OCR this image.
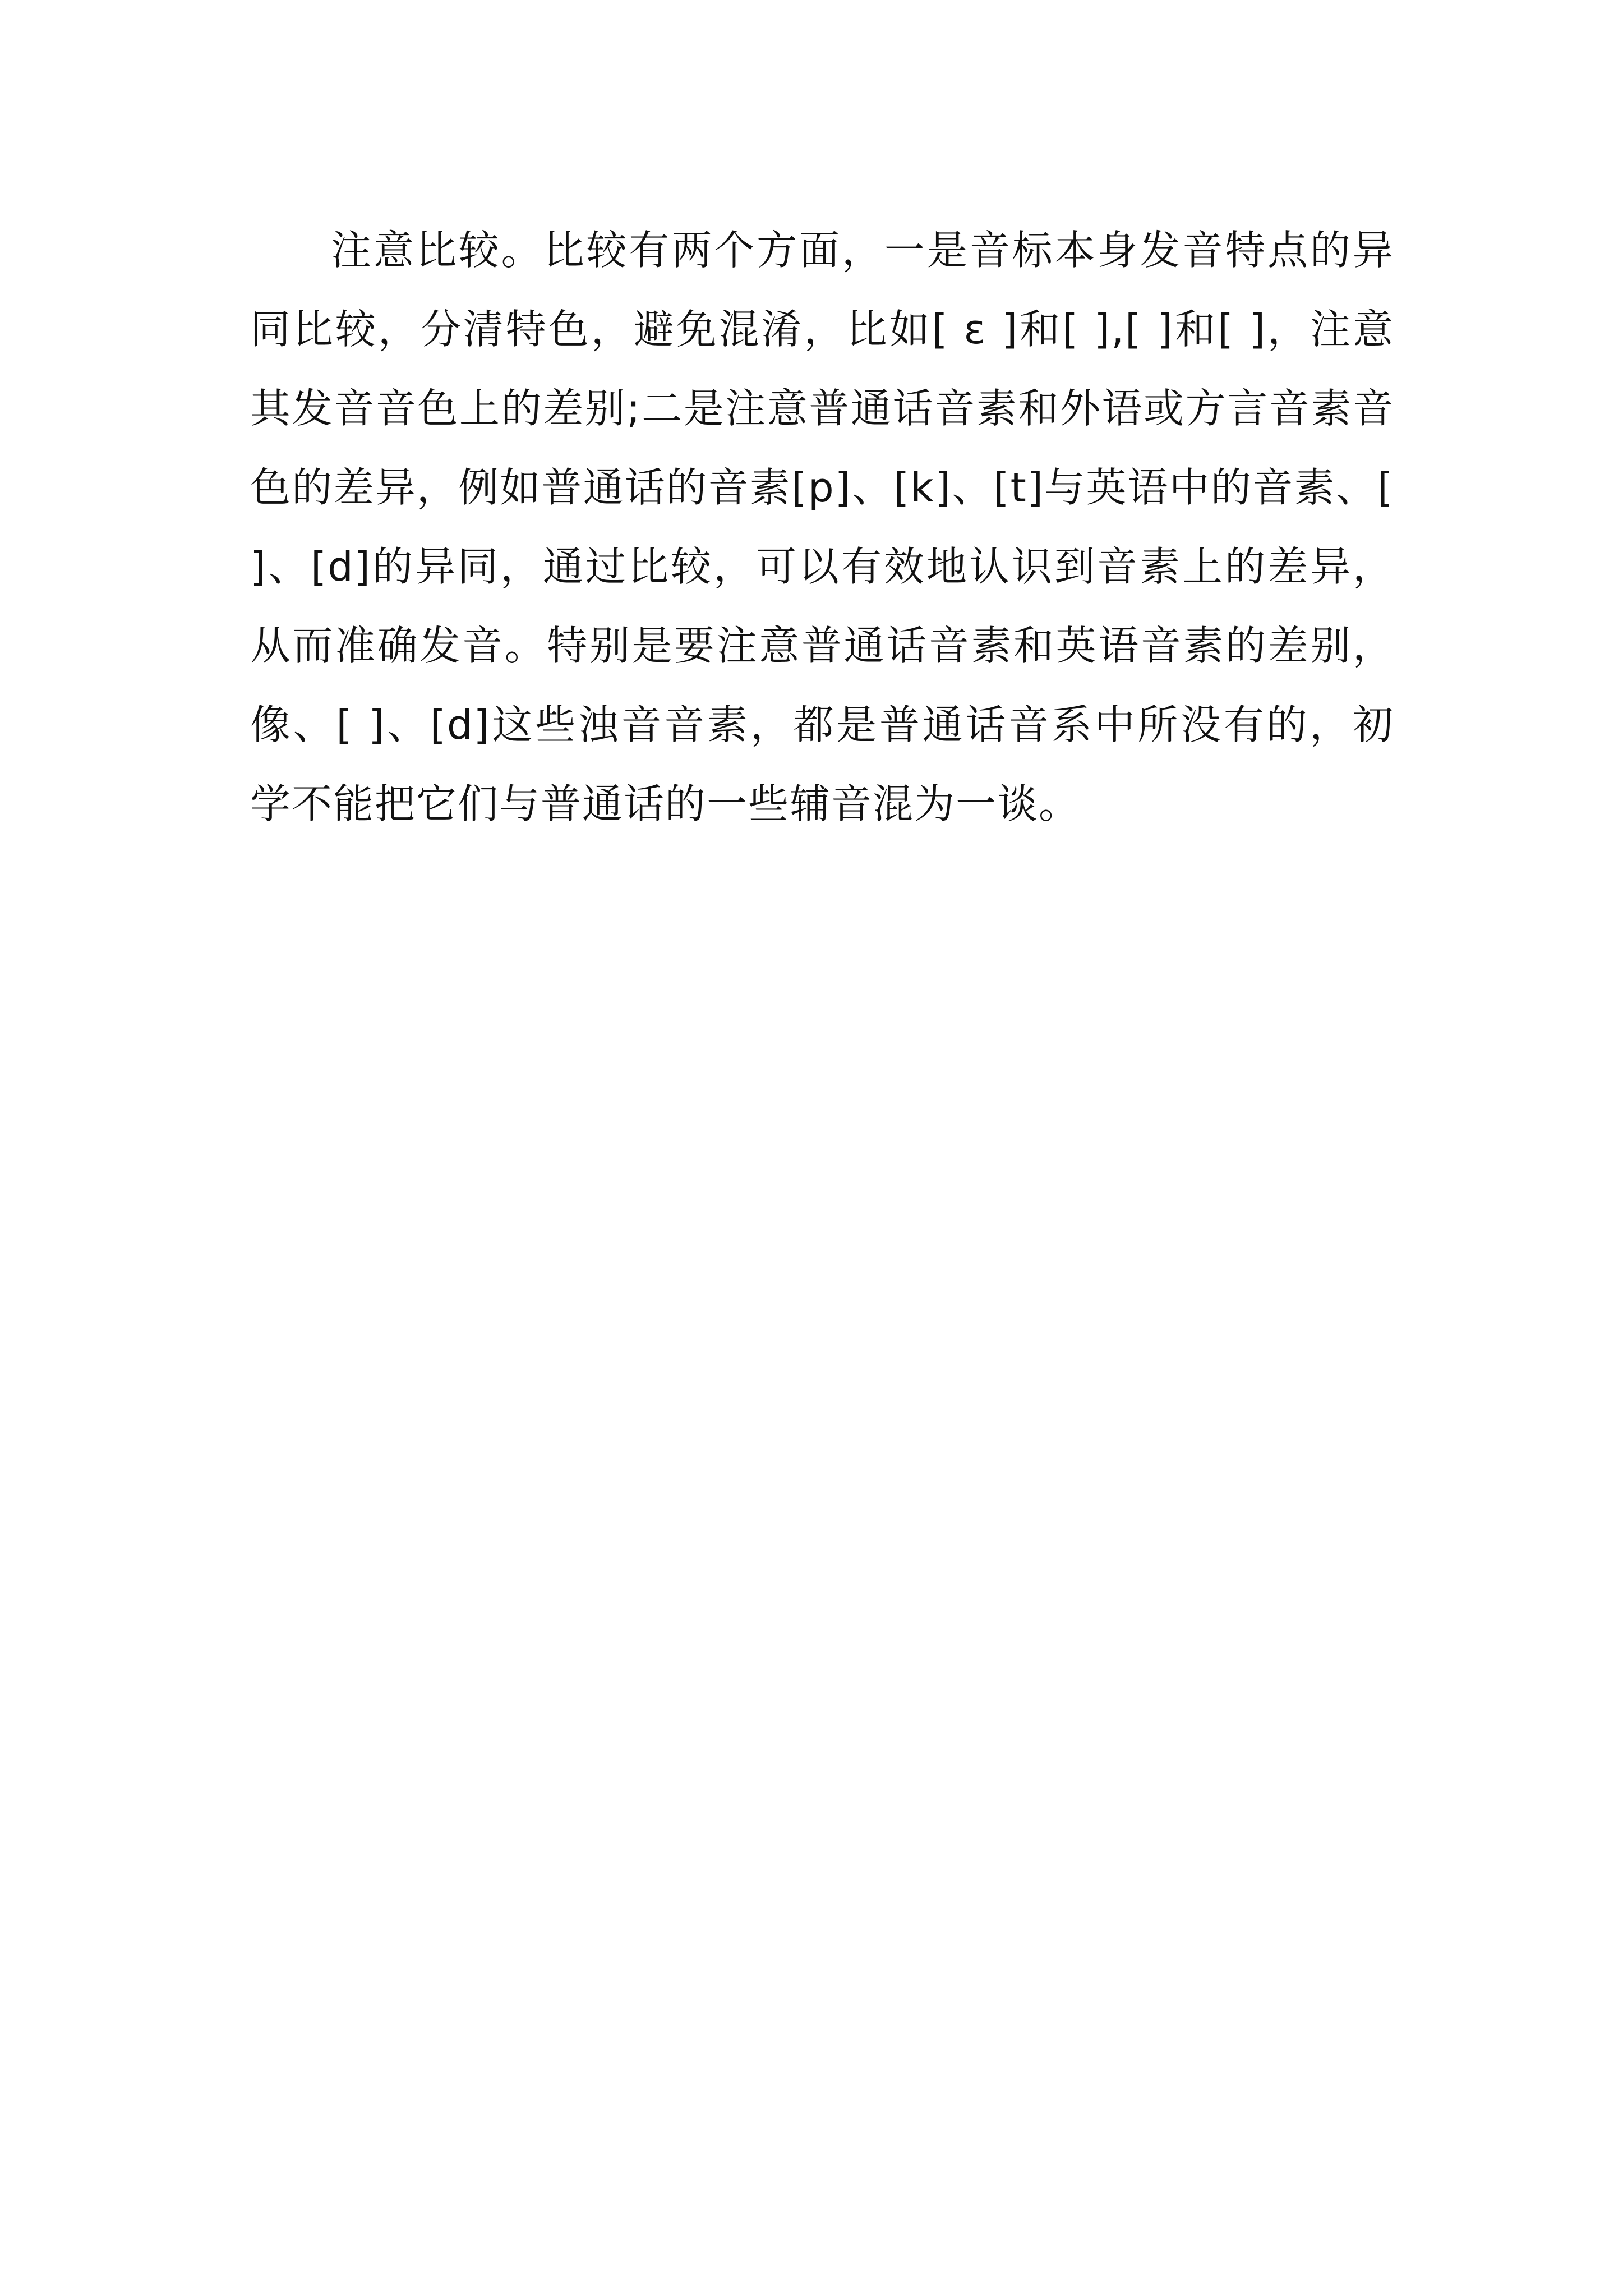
注意比较。比较有两个方面，一是音标本身发音特点的异同比较，分清特色，避免混淆，比如[ ε ]和[ ],[ ]和[ ]，注意其发音音色上的差别;二是注意普通话音素和外语或方言音素音色的差异，例如普通话的音素[p]、[k]、[t]与英语中的音素、[ ]、[d]的异同，通过比较，可以有效地认识到音素上的差异，从而准确发音。特别是要注意普通话音素和英语音素的差别，像、[ ]、[d]这些浊音音素，都是普通话音系中所没有的，初学不能把它们与普通话的一些辅音混为一谈。
